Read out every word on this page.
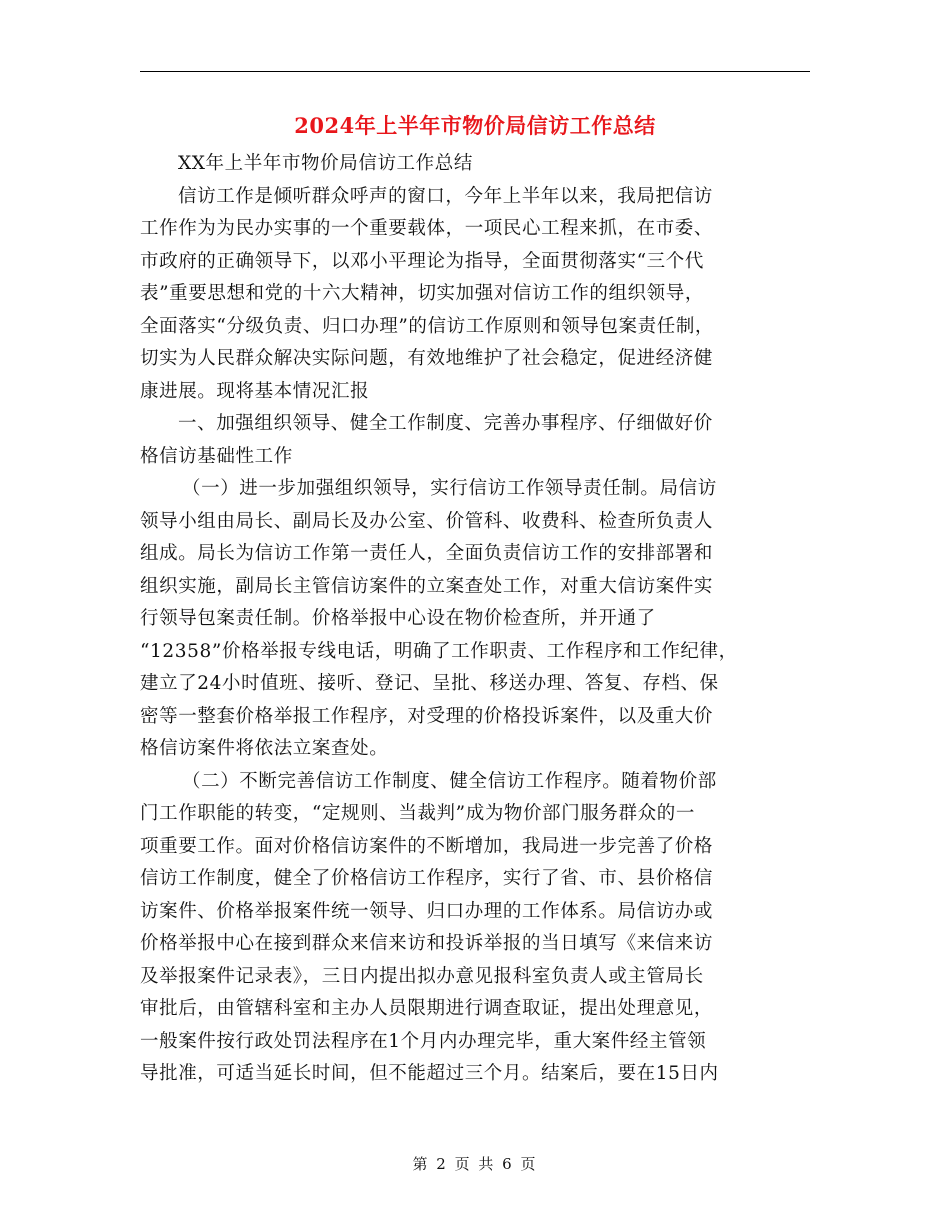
2024年上半年市物价局信访工作总结
XX年上半年市物价局信访工作总结
信访工作是倾听群众呼声的窗口，今年上半年以来，我局把信访
工作作为为民办实事的一个重要载体，一项民心工程来抓，在市委、
市政府的正确领导下，以邓小平理论为指导，全面贯彻落实“三个代
表”重要思想和党的十六大精神，切实加强对信访工作的组织领导，
全面落实“分级负责、归口办理”的信访工作原则和领导包案责任制，
切实为人民群众解决实际问题，有效地维护了社会稳定，促进经济健
康进展。现将基本情况汇报
一、加强组织领导、健全工作制度、完善办事程序、仔细做好价
格信访基础性工作
（一）进一步加强组织领导，实行信访工作领导责任制。局信访
领导小组由局长、副局长及办公室、价管科、收费科、检查所负责人
组成。局长为信访工作第一责任人，全面负责信访工作的安排部署和
组织实施，副局长主管信访案件的立案查处工作，对重大信访案件实
行领导包案责任制。价格举报中心设在物价检查所，并开通了
“12358”价格举报专线电话，明确了工作职责、工作程序和工作纪律，
建立了24小时值班、接听、登记、呈批、移送办理、答复、存档、保
密等一整套价格举报工作程序，对受理的价格投诉案件，以及重大价
格信访案件将依法立案查处。
（二）不断完善信访工作制度、健全信访工作程序。随着物价部
门工作职能的转变，“定规则、当裁判”成为物价部门服务群众的一
项重要工作。面对价格信访案件的不断增加，我局进一步完善了价格
信访工作制度，健全了价格信访工作程序，实行了省、市、县价格信
访案件、价格举报案件统一领导、归口办理的工作体系。局信访办或
价格举报中心在接到群众来信来访和投诉举报的当日填写《来信来访
及举报案件记录表》，三日内提出拟办意见报科室负责人或主管局长
审批后，由管辖科室和主办人员限期进行调查取证，提出处理意见，
一般案件按行政处罚法程序在1个月内办理完毕，重大案件经主管领
导批准，可适当延长时间，但不能超过三个月。结案后，要在15日内
第 2 页 共 6 页
